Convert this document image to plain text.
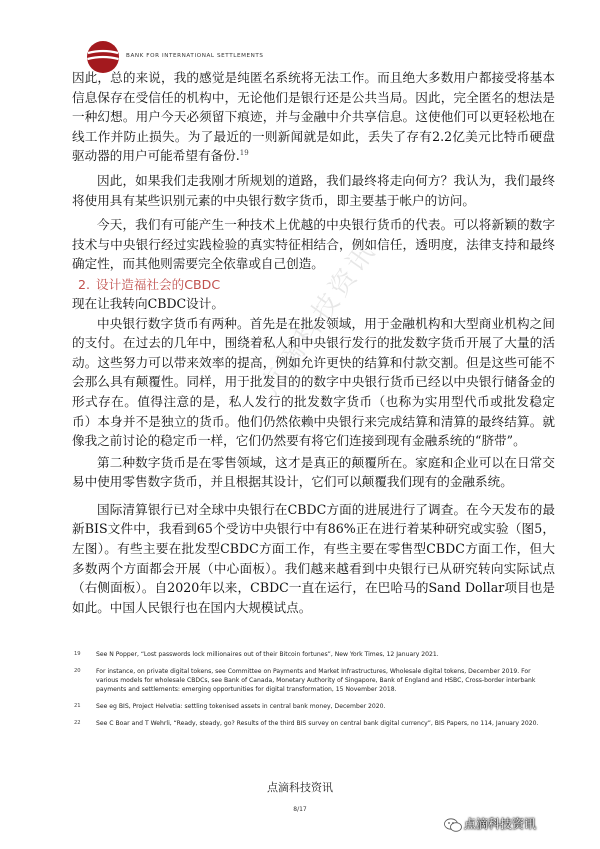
BANK FOR INTERNATIONAL SETTLEMENTS
点滴科技资讯

因此，总的来说，我的感觉是纯匿名系统将无法工作。而且绝大多数用户都接受将基本信息保存在受信任的机构中，无论他们是银行还是公共当局。因此，完全匿名的想法是一种幻想。用户今天必须留下痕迹，并与金融中介共享信息。这使他们可以更轻松地在线工作并防止损失。为了最近的一则新闻就是如此，丢失了存有2.2亿美元比特币硬盘驱动器的用户可能希望有备份.$^{19}$

因此，如果我们走我刚才所规划的道路，我们最终将走向何方？我认为，我们最终将使用具有某些识别元素的中央银行数字货币，即主要基于帐户的访问。

今天，我们有可能产生一种技术上优越的中央银行货币的代表。可以将新颖的数字技术与中央银行经过实践检验的真实特征相结合，例如信任，透明度，法律支持和最终确定性，而其他则需要完全依靠或自己创造。

2. 设计造福社会的CBDC

现在让我转向CBDC设计。

中央银行数字货币有两种。首先是在批发领域，用于金融机构和大型商业机构之间的支付。在过去的几年中，围绕着私人和中央银行发行的批发数字货币开展了大量的活动。这些努力可以带来效率的提高，例如允许更快的结算和付款交割。但是这些可能不会那么具有颠覆性。同样，用于批发目的的数字中央银行货币已经以中央银行储备金的形式存在。值得注意的是，私人发行的批发数字货币（也称为实用型代币或批发稳定币）本身并不是独立的货币。他们仍然依赖中央银行来完成结算和清算的最终结算。就像我之前讨论的稳定币一样，它们仍然要有将它们连接到现有金融系统的“脐带”。

第二种数字货币是在零售领域，这才是真正的颠覆所在。家庭和企业可以在日常交易中使用零售数字货币，并且根据其设计，它们可以颠覆我们现有的金融系统。

国际清算银行已对全球中央银行在CBDC方面的进展进行了调查。在今天发布的最新BIS文件中，我看到65个受访中央银行中有86%正在进行着某种研究或实验（图5，左图）。有些主要在批发型CBDC方面工作，有些主要在零售型CBDC方面工作，但大多数两个方面都会开展（中心面板）。我们越来越看到中央银行已从研究转向实际试点（右侧面板）。自2020年以来，CBDC一直在运行，在巴哈马的Sand Dollar项目也是如此。中国人民银行也在国内大规模试点。

19	See N Popper, “Lost passwords lock millionaires out of their Bitcoin fortunes”, New York Times, 12 January 2021.
20	For instance, on private digital tokens, see Committee on Payments and Market Infrastructures, Wholesale digital tokens, December 2019. For various models for wholesale CBDCs, see Bank of Canada, Monetary Authority of Singapore, Bank of England and HSBC, Cross-border interbank payments and settlements: emerging opportunities for digital transformation, 15 November 2018.
21	See eg BIS, Project Helvetia: settling tokenised assets in central bank money, December 2020.
22	See C Boar and T Wehrli, “Ready, steady, go? Results of the third BIS survey on central bank digital currency”, BIS Papers, no 114, January 2020.
点滴科技资讯
8/17
点滴科技资讯
